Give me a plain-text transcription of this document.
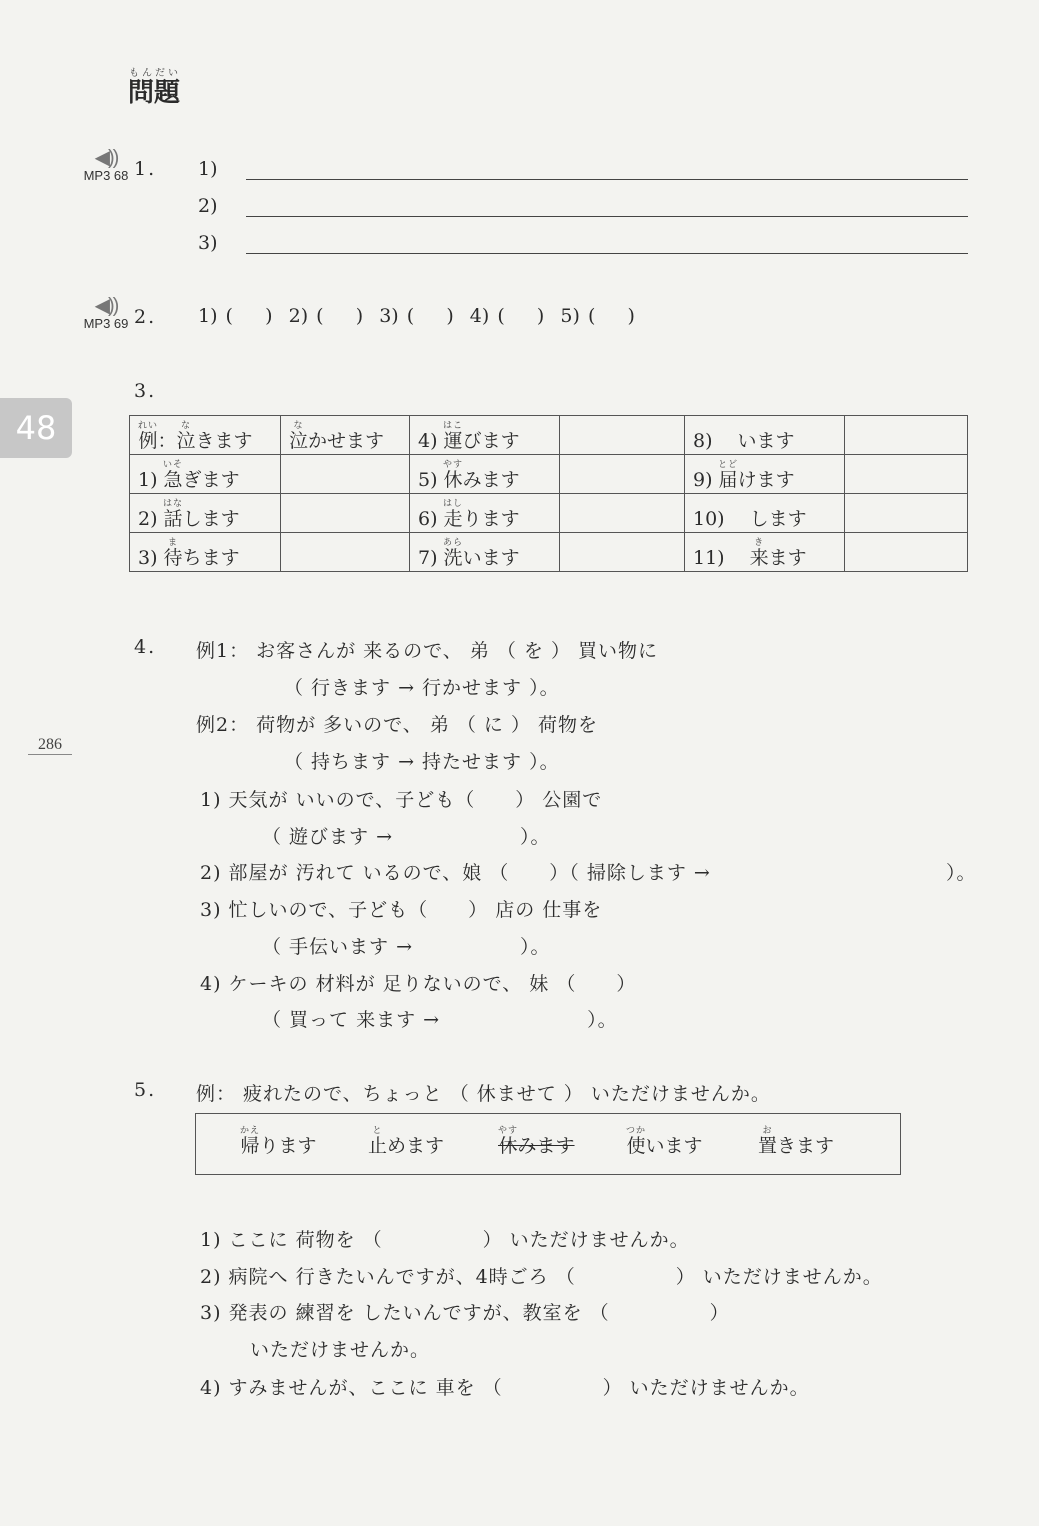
問題もんだい
48
286
◀))
MP3 68 1. 1)
2)
3)
◀))
MP3 69 2. 1) (    )  2) (    )  3) (    )  4) (    )  5) (    )
3.
例れい：泣なきます	泣なかせます	4) 運はこびます		8)　 います	
1) 急いそぎます		5) 休やすみます		9) 届とどけます	
2) 話はなします		6) 走はしります		10)　 します	
3) 待まちます		7) 洗あらいます		11)　 来きます	
4. 例1： お客さんが 来るので、 弟 （ を ） 買い物に
（ 行きます → 行かせます ）。
例2： 荷物が 多いので、 弟 （ に ） 荷物を
（ 持ちます → 持たせます ）。
1) 天気が いいので、子ども（　　） 公園で
（ 遊びます →　　　　　　 ）。
2) 部屋が 汚れて いるので、娘 （　　）（ 掃除します →	）。
3) 忙しいので、子ども（　　） 店の 仕事を
（ 手伝います →　　　　　 ）。
4) ケーキの 材料が 足りないので、 妹 （　　）
（ 買って 来ます →　　　　　　　 ）。
5. 例： 疲れたので、ちょっと （ 休ませて ） いただけませんか。
帰かえります	止とめます	休やすみます	使つかいます	置おきます
1) ここに 荷物を （　　　　　） いただけませんか。
2) 病院へ 行きたいんですが、4時ごろ （　　　　　） いただけませんか。
3) 発表の 練習を したいんですが、教室を （　　　　　）
いただけませんか。
4) すみませんが、ここに 車を （　　　　　） いただけませんか。
